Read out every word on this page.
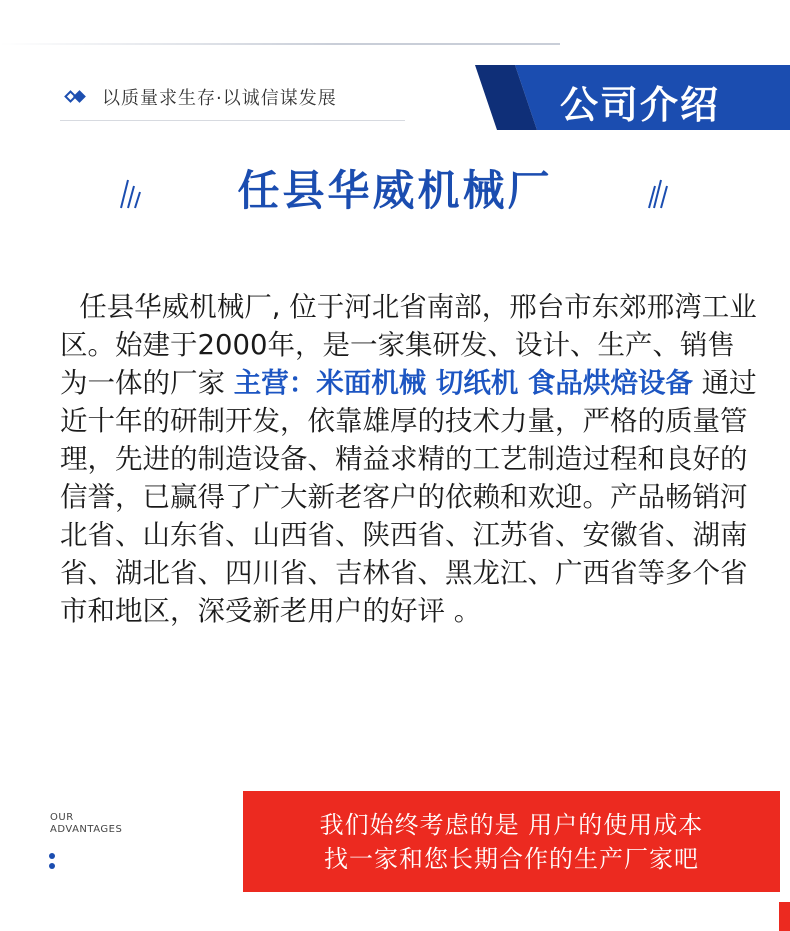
以质量求生存·以诚信谋发展	公司介绍
任县华威机械厂

任县华威机械厂, 位于河北省南部，邢台市东郊邢湾工业区。始建于2000年，是一家集研发、设计、生产、销售为一体的厂家 主营：米面机械 切纸机 食品烘焙设备 通过近十年的研制开发，依靠雄厚的技术力量，严格的质量管理，先进的制造设备、精益求精的工艺制造过程和良好的信誉，已赢得了广大新老客户的依赖和欢迎。产品畅销河北省、山东省、山西省、陕西省、江苏省、安徽省、湖南省、湖北省、四川省、吉林省、黑龙江、广西省等多个省市和地区，深受新老用户的好评 。

OUR
ADVANTAGES	我们始终考虑的是 用户的使用成本
找一家和您长期合作的生产厂家吧
